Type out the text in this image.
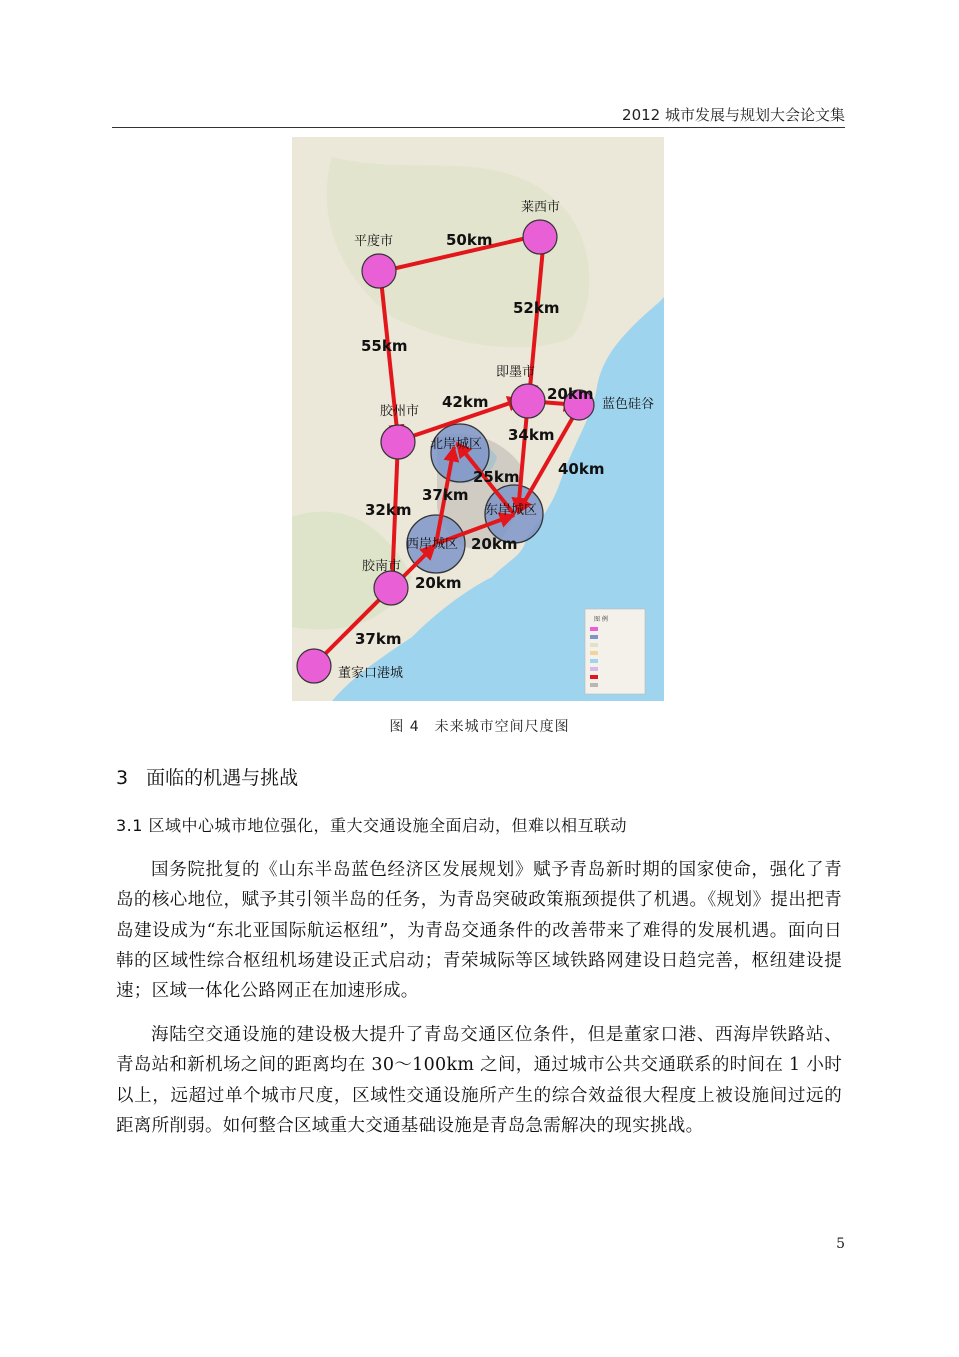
2012 城市发展与规划大会论文集
莱西市
平度市
即墨市
蓝色硅谷
胶州市
北岸城区
东岸城区
西岸城区
胶南市
董家口港城
50km
52km
55km
42km	20km
34km
40km
25km
37km
32km
20km
20km
37km
图 例
图 4　未来城市空间尺度图
3 面临的机遇与挑战
3.1 区域中心城市地位强化，重大交通设施全面启动，但难以相互联动

国务院批复的《山东半岛蓝色经济区发展规划》赋予青岛新时期的国家使命，强化了青岛的核心地位，赋予其引领半岛的任务，为青岛突破政策瓶颈提供了机遇。《规划》提出把青岛建设成为“东北亚国际航运枢纽”，为青岛交通条件的改善带来了难得的发展机遇。面向日韩的区域性综合枢纽机场建设正式启动；青荣城际等区域铁路网建设日趋完善，枢纽建设提速；区域一体化公路网正在加速形成。

海陆空交通设施的建设极大提升了青岛交通区位条件，但是董家口港、西海岸铁路站、青岛站和新机场之间的距离均在 30～100km 之间，通过城市公共交通联系的时间在 1 小时以上，远超过单个城市尺度，区域性交通设施所产生的综合效益很大程度上被设施间过远的距离所削弱。如何整合区域重大交通基础设施是青岛急需解决的现实挑战。

5
